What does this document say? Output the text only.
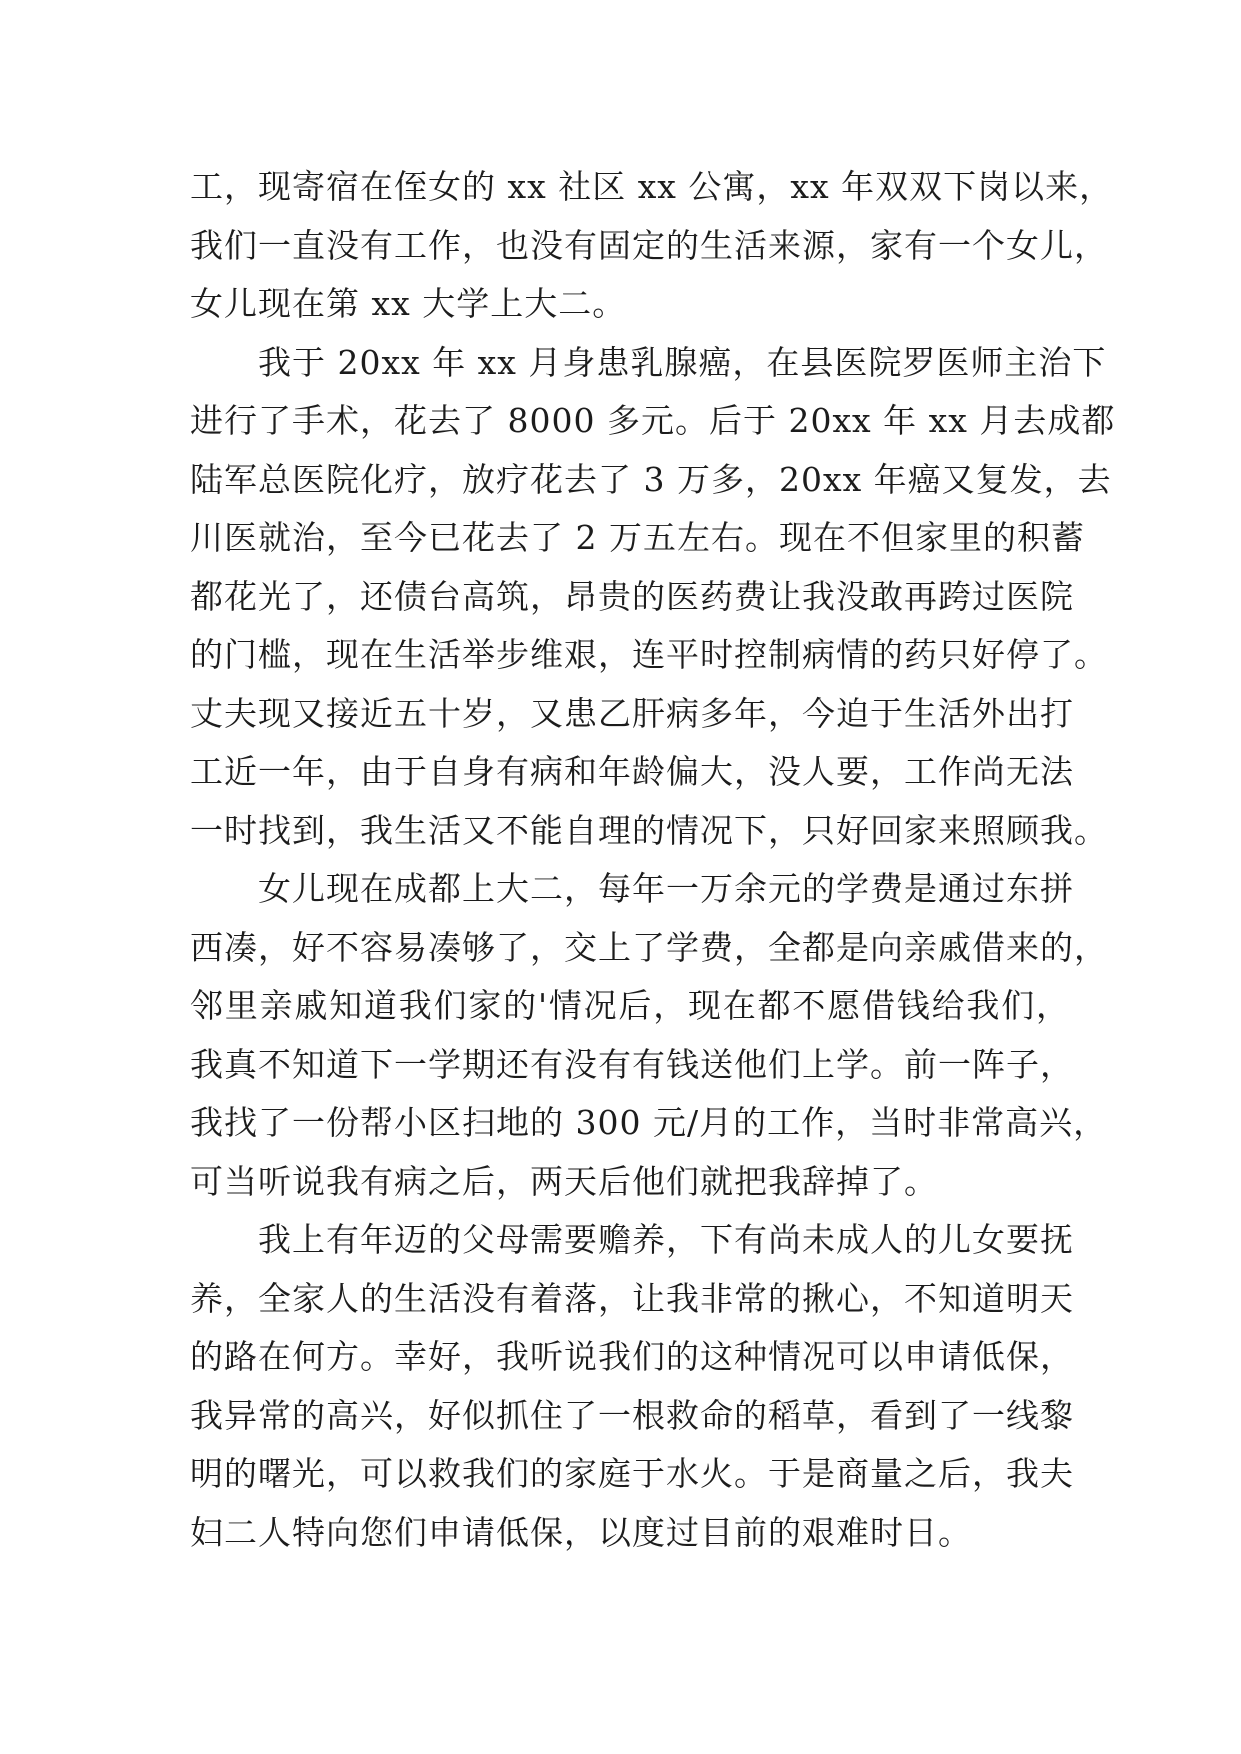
工，现寄宿在侄女的 xx 社区 xx 公寓，xx 年双双下岗以来，
我们一直没有工作，也没有固定的生活来源，家有一个女儿，
女儿现在第 xx 大学上大二。
我于 20xx 年 xx 月身患乳腺癌，在县医院罗医师主治下
进行了手术，花去了 8000 多元。后于 20xx 年 xx 月去成都
陆军总医院化疗，放疗花去了 3 万多，20xx 年癌又复发，去
川医就治，至今已花去了 2 万五左右。现在不但家里的积蓄
都花光了，还债台高筑，昂贵的医药费让我没敢再跨过医院
的门槛，现在生活举步维艰，连平时控制病情的药只好停了。
丈夫现又接近五十岁，又患乙肝病多年，今迫于生活外出打
工近一年，由于自身有病和年龄偏大，没人要，工作尚无法
一时找到，我生活又不能自理的情况下，只好回家来照顾我。
女儿现在成都上大二，每年一万余元的学费是通过东拼
西凑，好不容易凑够了，交上了学费，全都是向亲戚借来的，
邻里亲戚知道我们家的'情况后，现在都不愿借钱给我们，
我真不知道下一学期还有没有有钱送他们上学。前一阵子，
我找了一份帮小区扫地的 300 元/月的工作，当时非常高兴，
可当听说我有病之后，两天后他们就把我辞掉了。
我上有年迈的父母需要赡养，下有尚未成人的儿女要抚
养，全家人的生活没有着落，让我非常的揪心，不知道明天
的路在何方。幸好，我听说我们的这种情况可以申请低保，
我异常的高兴，好似抓住了一根救命的稻草，看到了一线黎
明的曙光，可以救我们的家庭于水火。于是商量之后，我夫
妇二人特向您们申请低保，以度过目前的艰难时日。
